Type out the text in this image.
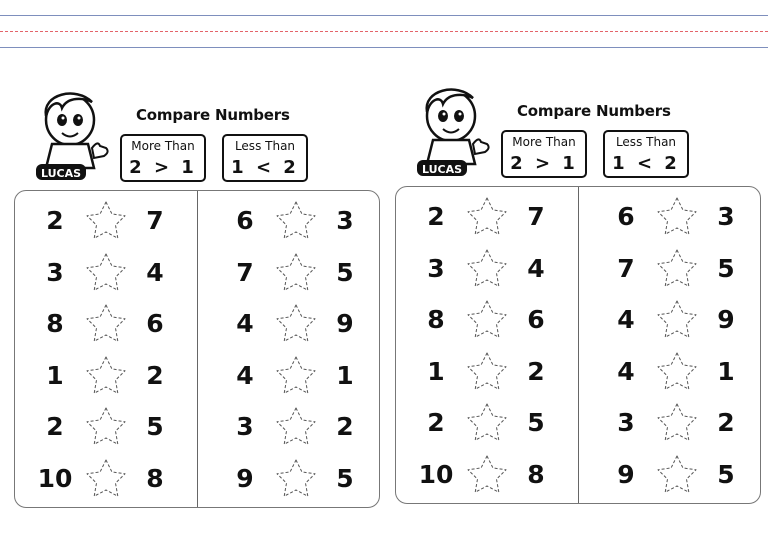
LUCAS
Compare Numbers
More Than
2 > 1
Less Than
1 < 2
2	7
3	4
8	6
1	2
2	5
10	8
6	3
7	5
4	9
4	1
3	2
9	5
LUCAS
Compare Numbers
More Than
2 > 1
Less Than
1 < 2
2	7
3	4
8	6
1	2
2	5
10	8
6	3
7	5
4	9
4	1
3	2
9	5
